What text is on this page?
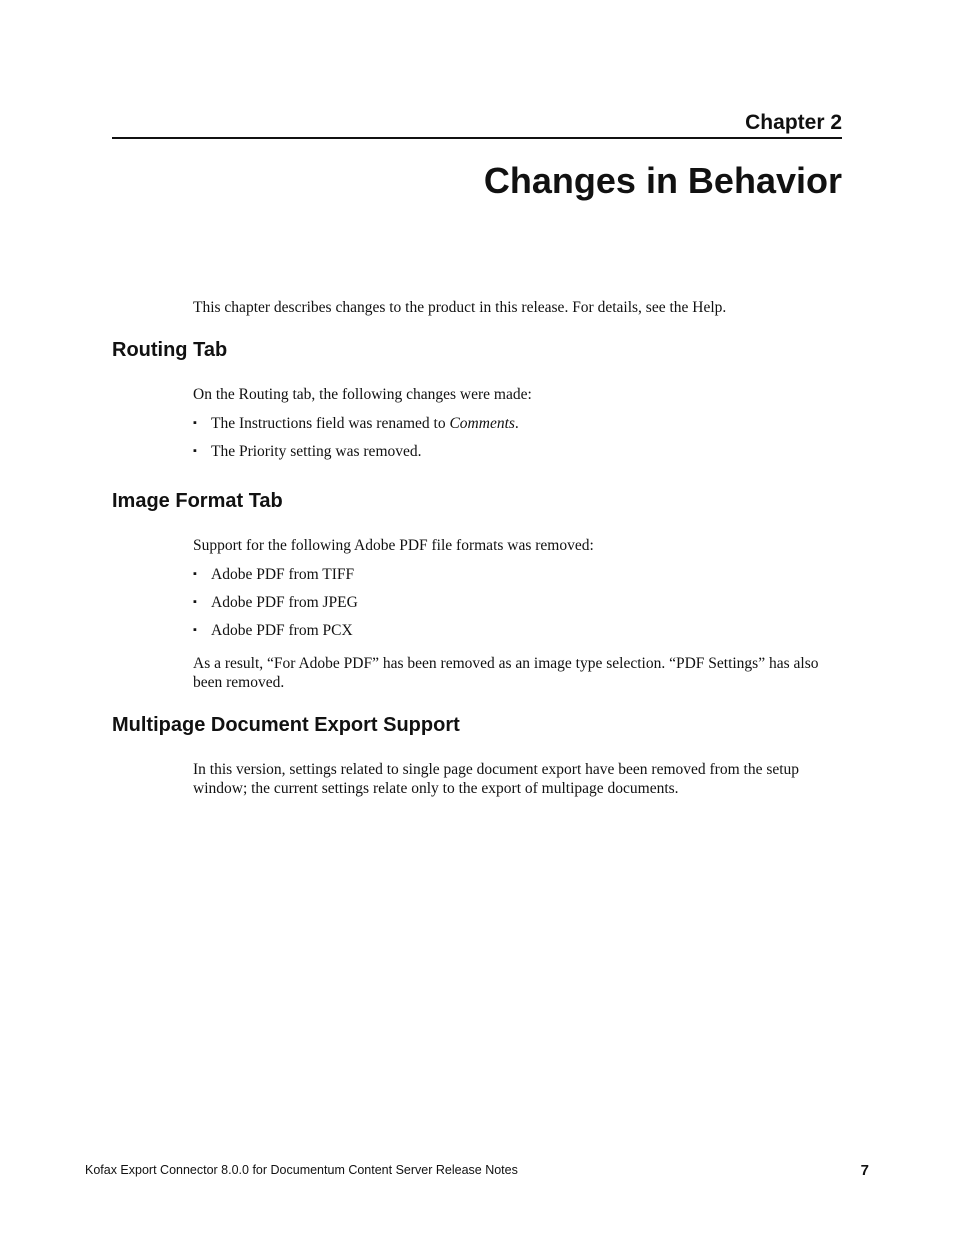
Chapter 2
Changes in Behavior
This chapter describes changes to the product in this release. For details, see the Help.
Routing Tab
On the Routing tab, the following changes were made:
▪ The Instructions field was renamed to Comments.
▪ The Priority setting was removed.
Image Format Tab
Support for the following Adobe PDF file formats was removed:
▪ Adobe PDF from TIFF
▪ Adobe PDF from JPEG
▪ Adobe PDF from PCX
As a result, “For Adobe PDF” has been removed as an image type selection. “PDF Settings” has also been removed.
Multipage Document Export Support
In this version, settings related to single page document export have been removed from the setup window; the current settings relate only to the export of multipage documents.
Kofax Export Connector 8.0.0 for Documentum Content Server Release Notes	7
